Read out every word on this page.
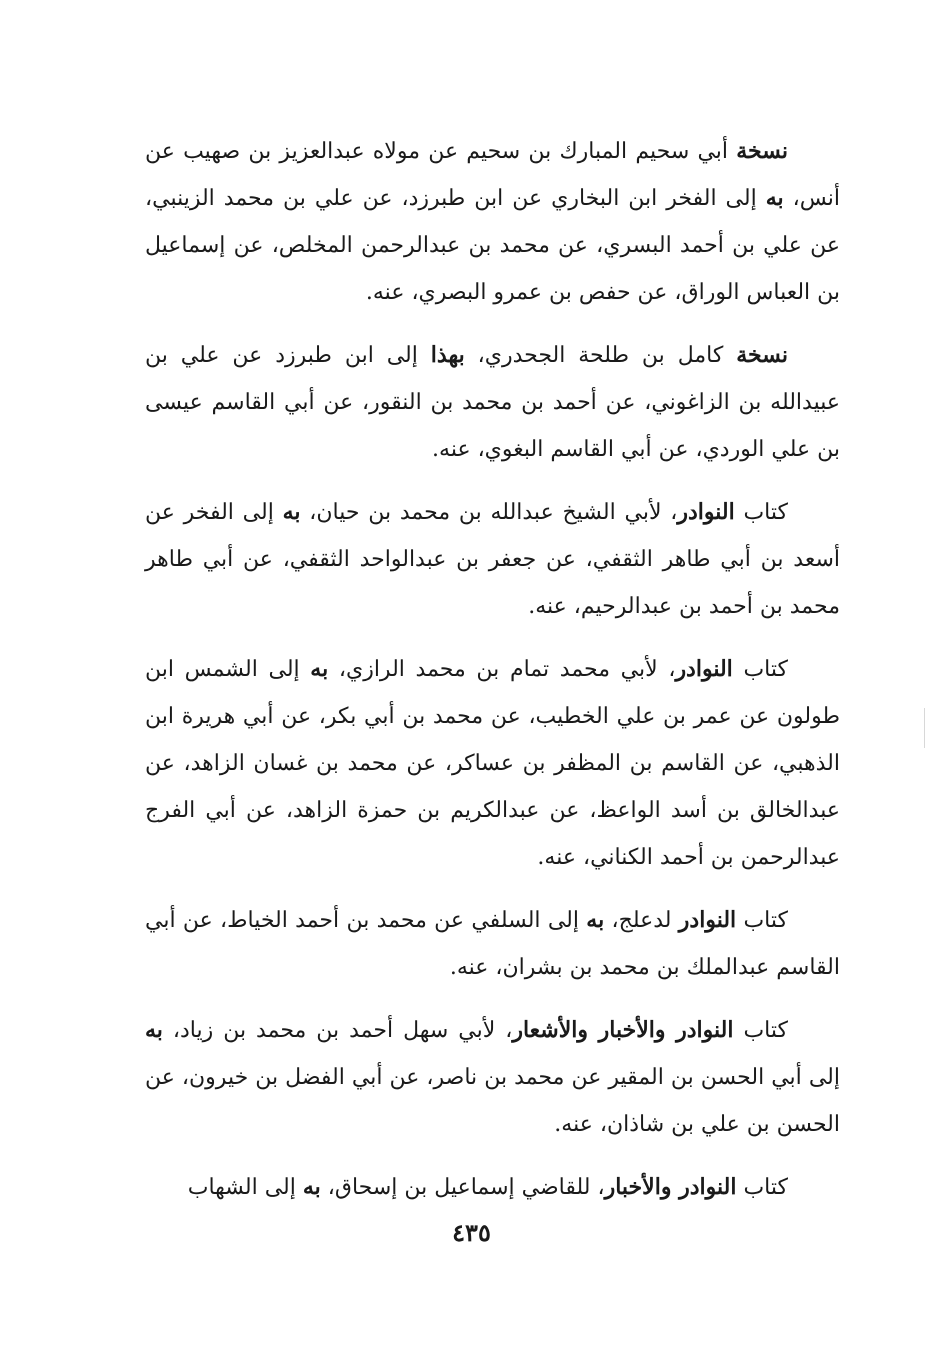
نسخة أبي سحيم المبارك بن سحيم عن مولاه عبدالعزيز بن صهيب عن أنس، به إلى الفخر ابن البخاري عن ابن طبرزد، عن علي بن محمد الزينبي، عن علي بن أحمد البسري، عن محمد بن عبدالرحمن المخلص، عن إسماعيل بن العباس الوراق، عن حفص بن عمرو البصري، عنه.

نسخة كامل بن طلحة الجحدري، بهذا إلى ابن طبرزد عن علي بن عبيدالله بن الزاغوني، عن أحمد بن محمد بن النقور، عن أبي القاسم عيسى بن علي الوردي، عن أبي القاسم البغوي، عنه.

كتاب النوادر، لأبي الشيخ عبدالله بن محمد بن حيان، به إلى الفخر عن أسعد بن أبي طاهر الثقفي، عن جعفر بن عبدالواحد الثقفي، عن أبي طاهر محمد بن أحمد بن عبدالرحيم، عنه.

كتاب النوادر، لأبي محمد تمام بن محمد الرازي، به إلى الشمس ابن طولون عن عمر بن علي الخطيب، عن محمد بن أبي بكر، عن أبي هريرة ابن الذهبي، عن القاسم بن المظفر بن عساكر، عن محمد بن غسان الزاهد، عن عبدالخالق بن أسد الواعظ، عن عبدالكريم بن حمزة الزاهد، عن أبي الفرج عبدالرحمن بن أحمد الكناني، عنه.

كتاب النوادر لدعلج، به إلى السلفي عن محمد بن أحمد الخياط، عن أبي القاسم عبدالملك بن محمد بن بشران، عنه.

كتاب النوادر والأخبار والأشعار، لأبي سهل أحمد بن محمد بن زياد، به إلى أبي الحسن بن المقير عن محمد بن ناصر، عن أبي الفضل بن خيرون، عن الحسن بن علي بن شاذان، عنه.

كتاب النوادر والأخبار، للقاضي إسماعيل بن إسحاق، به إلى الشهاب

٤٣٥
